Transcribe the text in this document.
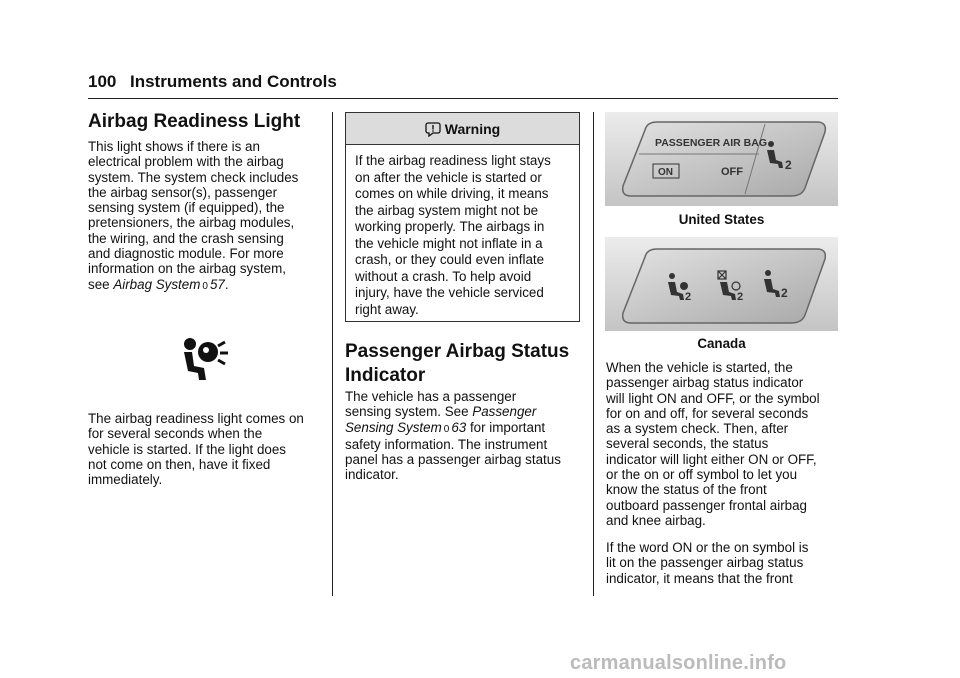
100 Instruments and Controls
Airbag Readiness Light

This light shows if there is an

electrical problem with the airbag

system. The system check includes

the airbag sensor(s), passenger

sensing system (if equipped), the

pretensioners, the airbag modules,

the wiring, and the crash sensing

and diagnostic module. For more

information on the airbag system,

see Airbag System 0 57.

The airbag readiness light comes on

for several seconds when the

vehicle is started. If the light does

not come on then, have it fixed

immediately.

Warning
If the airbag readiness light stays
on after the vehicle is started or
comes on while driving, it means
the airbag system might not be
working properly. The airbags in
the vehicle might not inflate in a
crash, or they could even inflate
without a crash. To help avoid
injury, have the vehicle serviced
right away.
Passenger Airbag Status
Indicator

The vehicle has a passenger

sensing system. See Passenger

Sensing System 0 63 for important

safety information. The instrument

panel has a passenger airbag status

indicator.

PASSENGER AIR BAG
ON	OFF	2
United States
2	2	2
Canada

When the vehicle is started, the

passenger airbag status indicator

will light ON and OFF, or the symbol

for on and off, for several seconds

as a system check. Then, after

several seconds, the status

indicator will light either ON or OFF,

or the on or off symbol to let you

know the status of the front

outboard passenger frontal airbag

and knee airbag.

If the word ON or the on symbol is

lit on the passenger airbag status

indicator, it means that the front

carmanualsonline.info
